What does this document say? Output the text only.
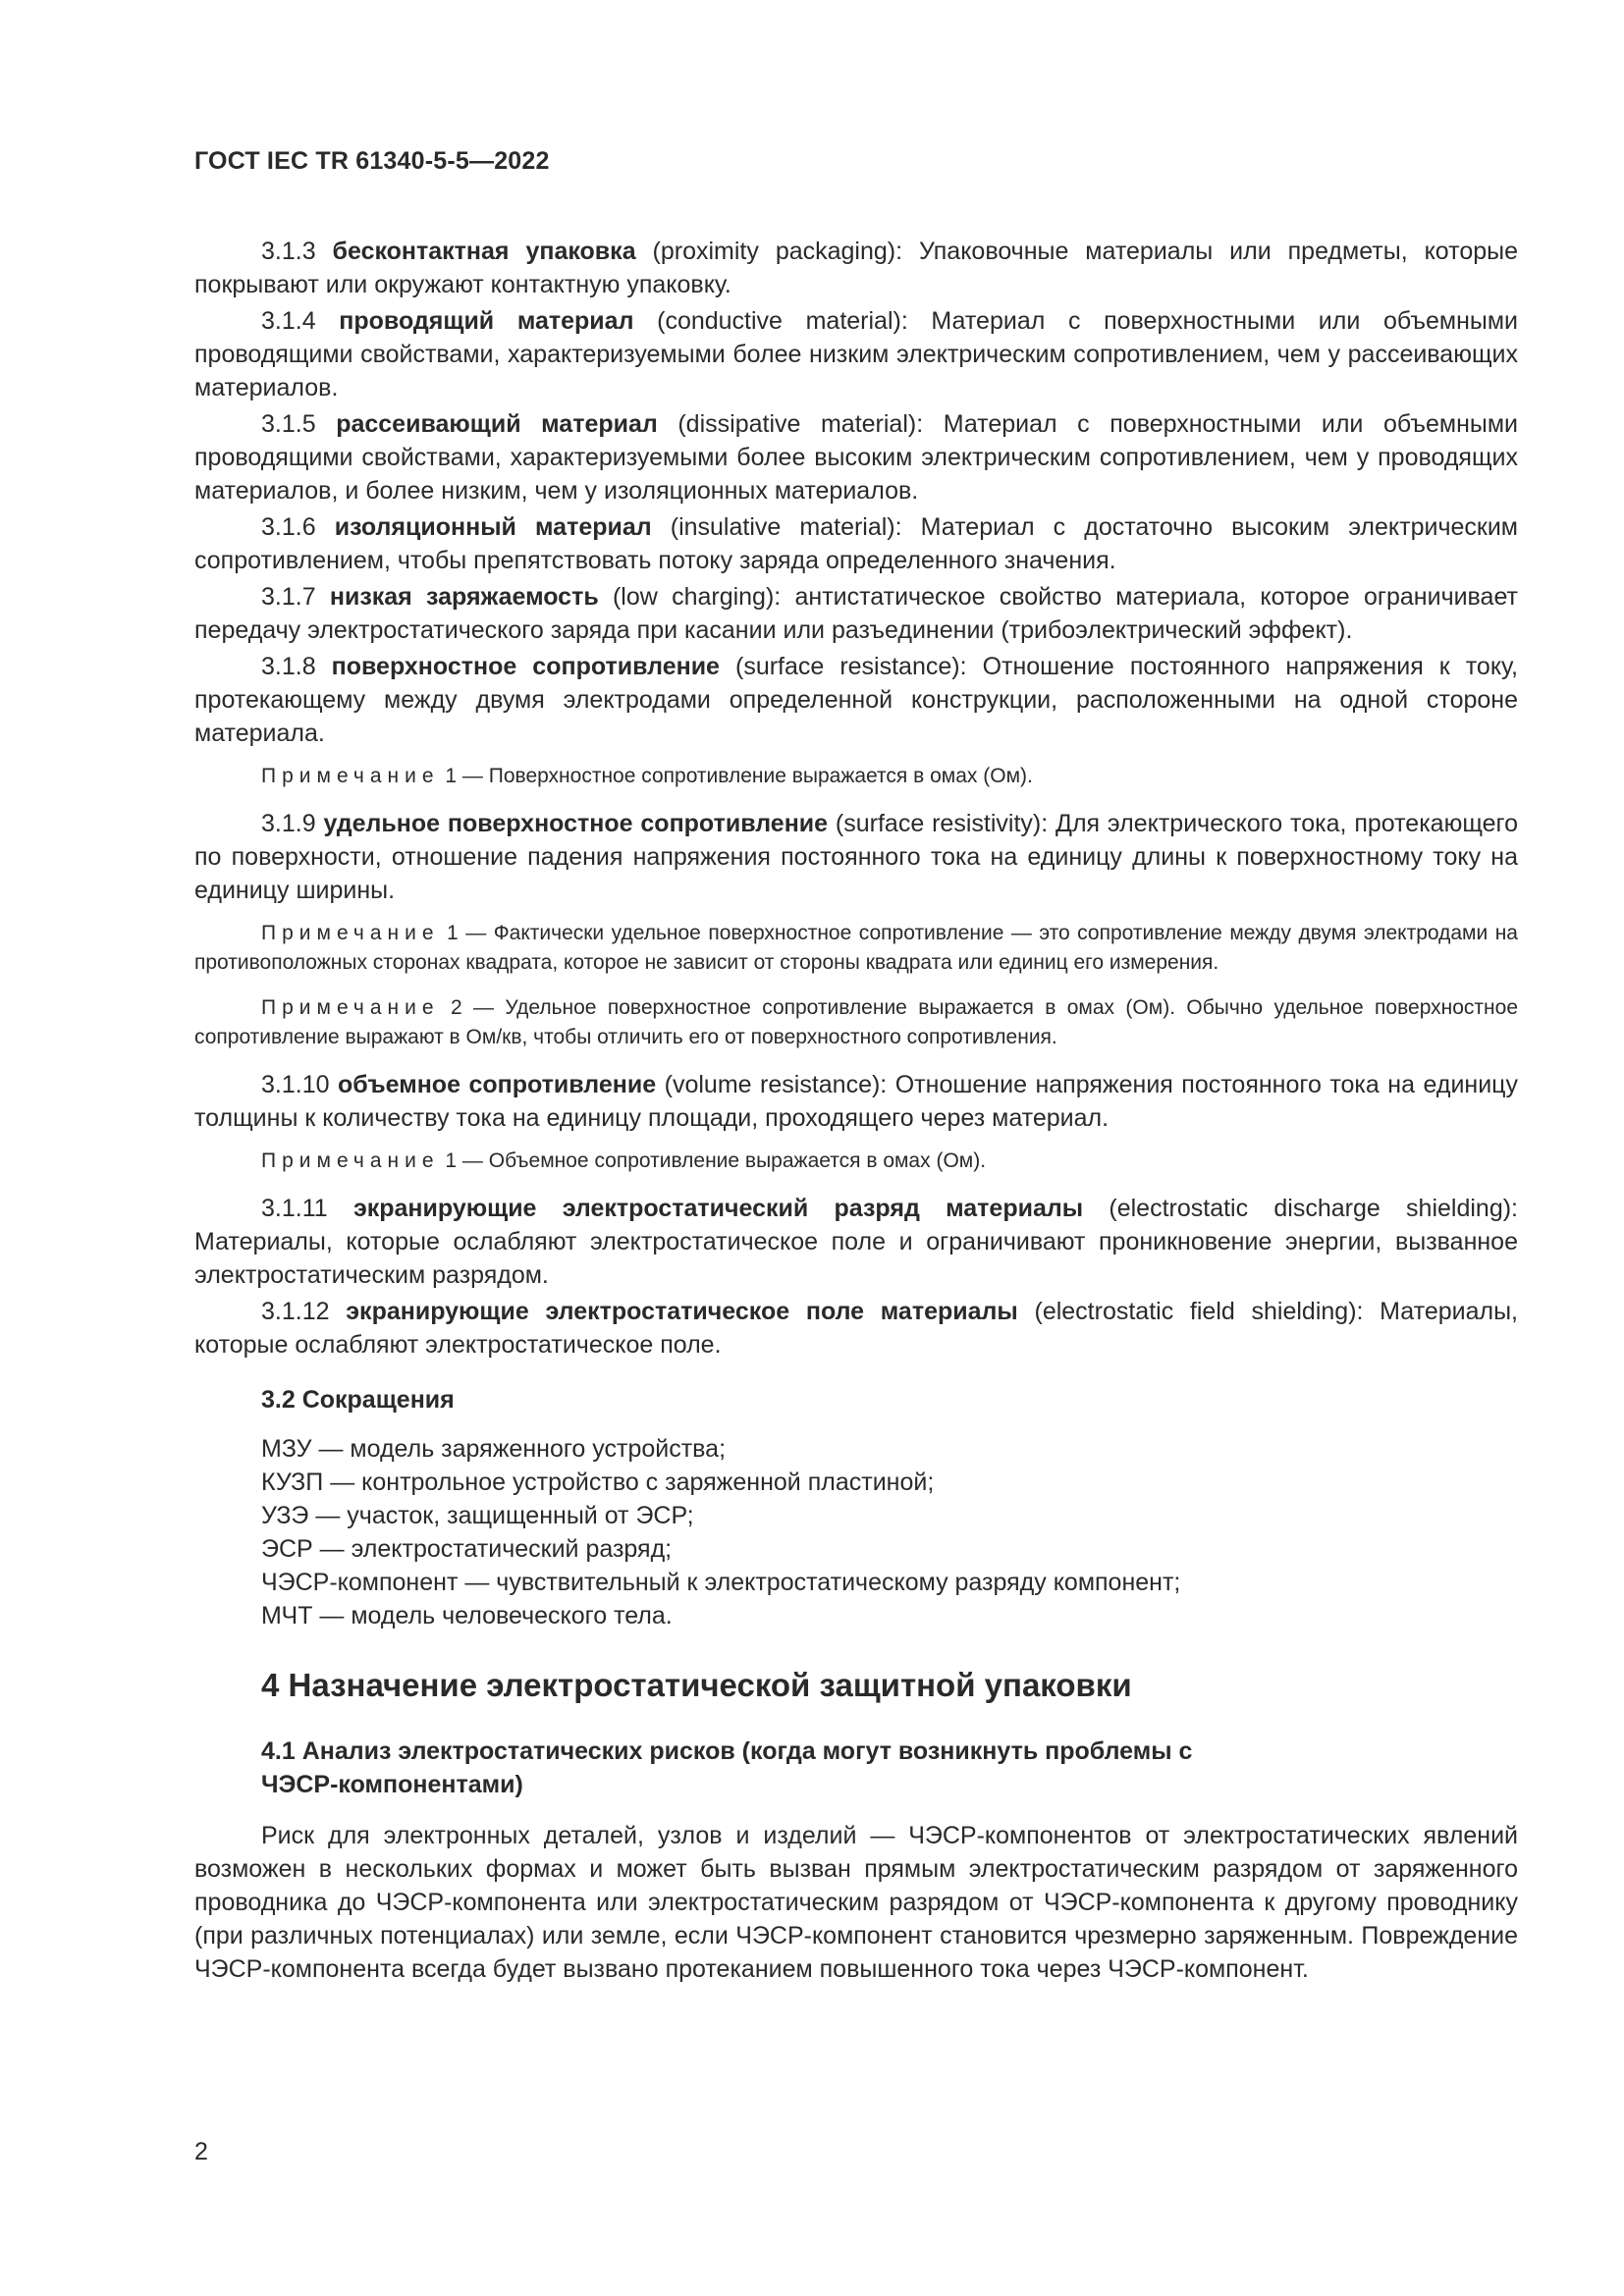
ГОСТ IEC TR 61340-5-5—2022

3.1.3 бесконтактная упаковка (proximity packaging): Упаковочные материалы или предметы, которые покрывают или окружают контактную упаковку.

3.1.4 проводящий материал (conductive material): Материал с поверхностными или объемными проводящими свойствами, характеризуемыми более низким электрическим сопротивлением, чем у рассеивающих материалов.

3.1.5 рассеивающий материал (dissipative material): Материал с поверхностными или объемными проводящими свойствами, характеризуемыми более высоким электрическим сопротивлением, чем у проводящих материалов, и более низким, чем у изоляционных материалов.

3.1.6 изоляционный материал (insulative material): Материал с достаточно высоким электрическим сопротивлением, чтобы препятствовать потоку заряда определенного значения.

3.1.7 низкая заряжаемость (low charging): антистатическое свойство материала, которое ограничивает передачу электростатического заряда при касании или разъединении (трибоэлектрический эффект).

3.1.8 поверхностное сопротивление (surface resistance): Отношение постоянного напряжения к току, протекающему между двумя электродами определенной конструкции, расположенными на одной стороне материала.

Примечание 1 — Поверхностное сопротивление выражается в омах (Ом).

3.1.9 удельное поверхностное сопротивление (surface resistivity): Для электрического тока, протекающего по поверхности, отношение падения напряжения постоянного тока на единицу длины к поверхностному току на единицу ширины.

Примечание 1 — Фактически удельное поверхностное сопротивление — это сопротивление между двумя электродами на противоположных сторонах квадрата, которое не зависит от стороны квадрата или единиц его измерения.

Примечание 2 — Удельное поверхностное сопротивление выражается в омах (Ом). Обычно удельное поверхностное сопротивление выражают в Ом/кв, чтобы отличить его от поверхностного сопротивления.

3.1.10 объемное сопротивление (volume resistance): Отношение напряжения постоянного тока на единицу толщины к количеству тока на единицу площади, проходящего через материал.

Примечание 1 — Объемное сопротивление выражается в омах (Ом).

3.1.11 экранирующие электростатический разряд материалы (electrostatic discharge shielding): Материалы, которые ослабляют электростатическое поле и ограничивают проникновение энергии, вызванное электростатическим разрядом.

3.1.12 экранирующие электростатическое поле материалы (electrostatic field shielding): Материалы, которые ослабляют электростатическое поле.

3.2 Сокращения
МЗУ — модель заряженного устройства;
КУЗП — контрольное устройство с заряженной пластиной;
УЗЭ — участок, защищенный от ЭСР;
ЭСР — электростатический разряд;
ЧЭСР-компонент — чувствительный к электростатическому разряду компонент;
МЧТ — модель человеческого тела.
4 Назначение электростатической защитной упаковки
4.1 Анализ электростатических рисков (когда могут возникнуть проблемы с ЧЭСР-компонентами)

Риск для электронных деталей, узлов и изделий — ЧЭСР-компонентов от электростатических явлений возможен в нескольких формах и может быть вызван прямым электростатическим разрядом от заряженного проводника до ЧЭСР-компонента или электростатическим разрядом от ЧЭСР-компонента к другому проводнику (при различных потенциалах) или земле, если ЧЭСР-компонент становится чрезмерно заряженным. Повреждение ЧЭСР-компонента всегда будет вызвано протеканием повышенного тока через ЧЭСР-компонент.

2
